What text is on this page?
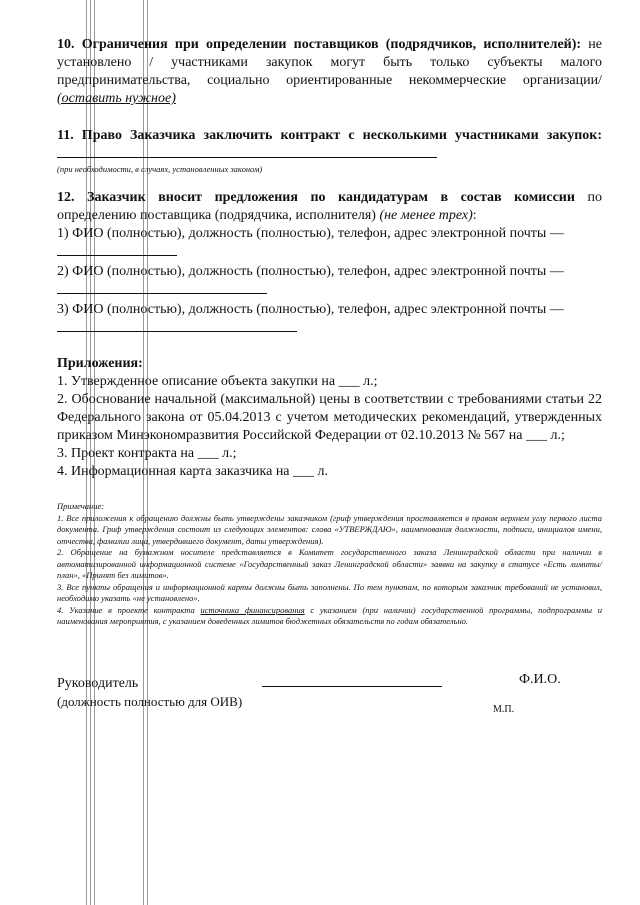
10. Ограничения при определении поставщиков (подрядчиков, исполнителей): не установлено / участниками закупок могут быть только субъекты малого предпринимательства, социально ориентированные некоммерческие организации/ (оставить нужное)
11. Право Заказчика заключить контракт с несколькими участниками закупок:
(при необходимости, в случаях, установленных законом)
12. Заказчик вносит предложения по кандидатурам в состав комиссии по определению поставщика (подрядчика, исполнителя) (не менее трех):
1) ФИО (полностью), должность (полностью), телефон, адрес электронной почты —
2) ФИО (полностью), должность (полностью), телефон, адрес электронной почты —
3) ФИО (полностью), должность (полностью), телефон, адрес электронной почты —
Приложения:
1. Утвержденное описание объекта закупки на ___ л.;
2. Обоснование начальной (максимальной) цены в соответствии с требованиями статьи 22 Федерального закона от 05.04.2013 с учетом методических рекомендаций, утвержденных приказом Минэкономразвития Российской Федерации от 02.10.2013 № 567 на ___ л.;
3. Проект контракта на ___ л.;
4. Информационная карта заказчика на ___ л.

Примечание:

1. Все приложения к обращению должны быть утверждены заказчиком (гриф утверждения проставляется в правом верхнем углу первого листа документа. Гриф утверждения состоит из следующих элементов: слова «УТВЕРЖДАЮ», наименования должности, подписи, инициалов имени, отчества, фамилии лица, утвердившего документ, даты утверждения).

2. Обращение на бумажном носителе представляется в Комитет государственного заказа Ленинградской области при наличии в автоматизированной информационной системе «Государственный заказ Ленинградской области» заявки на закупку в статусе «Есть лимиты/план», «Принят без лимитов».

3. Все пункты обращения и информационной карты должны быть заполнены. По тем пунктам, по которым заказчик требований не установил, необходимо указать «не установлено».

4. Указание в проекте контракта источника финансирования с указанием (при наличии) государственной программы, подпрограммы и наименования мероприятия, с указанием доведенных лимитов бюджетных обязательств по годам обязательно.

Руководитель
(должность полностью для ОИВ)
Ф.И.О.
М.П.
